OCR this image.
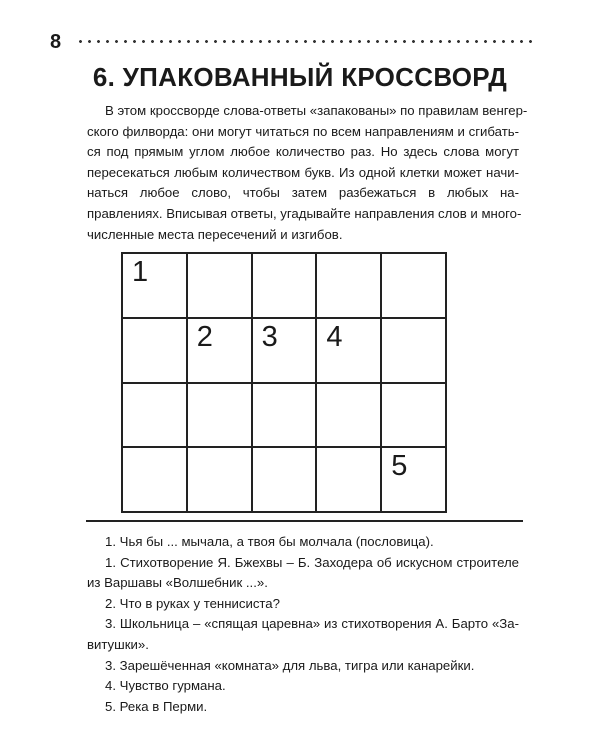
8
6. УПАКОВАННЫЙ КРОССВОРД

В этом кроссворде слова-ответы «запакованы» по правилам венгер-
ского филворда: они могут читаться по всем направлениям и сгибать-
ся под прямым углом любое количество раз. Но здесь слова могут
пересекаться любым количеством букв. Из одной клетки может начи-
наться любое слово, чтобы затем разбежаться в любых на-
правлениях. Вписывая ответы, угадывайте направления слов и много-
численные места пересечений и изгибов.

1
2 3 4
5
1. Чья бы ... мычала, а твоя бы молчала (пословица).
1. Стихотворение Я. Бжехвы – Б. Заходера об искусном строителе
из Варшавы «Волшебник ...».
2. Что в руках у теннисиста?
3. Школьница – «спящая царевна» из стихотворения А. Барто «За-
витушки».
3. Зарешёченная «комната» для льва, тигра или канарейки.
4. Чувство гурмана.
5. Река в Перми.
